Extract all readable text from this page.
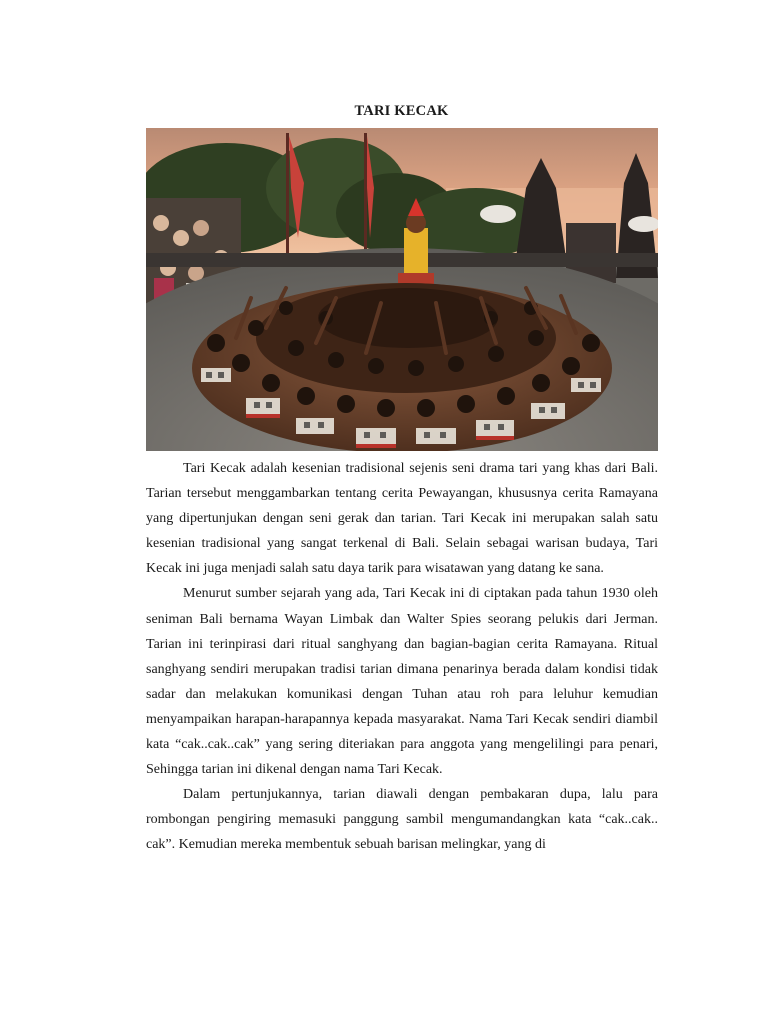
TARI KECAK

Tari Kecak adalah kesenian tradisional sejenis seni drama tari yang khas dari Bali. Tarian tersebut menggambarkan tentang cerita Pewayangan, khususnya cerita Ramayana yang dipertunjukan dengan seni gerak dan tarian. Tari Kecak ini merupakan salah satu kesenian tradisional yang sangat terkenal di Bali. Selain sebagai warisan budaya, Tari Kecak ini juga menjadi salah satu daya tarik para wisatawan yang datang ke sana.

Menurut sumber sejarah yang ada, Tari Kecak ini di ciptakan pada tahun 1930 oleh seniman Bali bernama Wayan Limbak dan Walter Spies seorang pelukis dari Jerman. Tarian ini terinpirasi dari ritual sanghyang dan bagian-bagian cerita Ramayana. Ritual sanghyang sendiri merupakan tradisi tarian dimana penarinya berada dalam kondisi tidak sadar dan melakukan komunikasi dengan Tuhan atau roh para leluhur kemudian menyampaikan harapan-harapannya kepada masyarakat. Nama Tari Kecak sendiri diambil kata “cak..cak..cak” yang sering diteriakan para anggota yang mengelilingi para penari, Sehingga tarian ini dikenal dengan nama Tari Kecak.

Dalam pertunjukannya, tarian diawali dengan pembakaran dupa, lalu para rombongan pengiring memasuki panggung sambil mengumandangkan kata “cak..cak.. cak”. Kemudian mereka membentuk sebuah barisan melingkar, yang di
